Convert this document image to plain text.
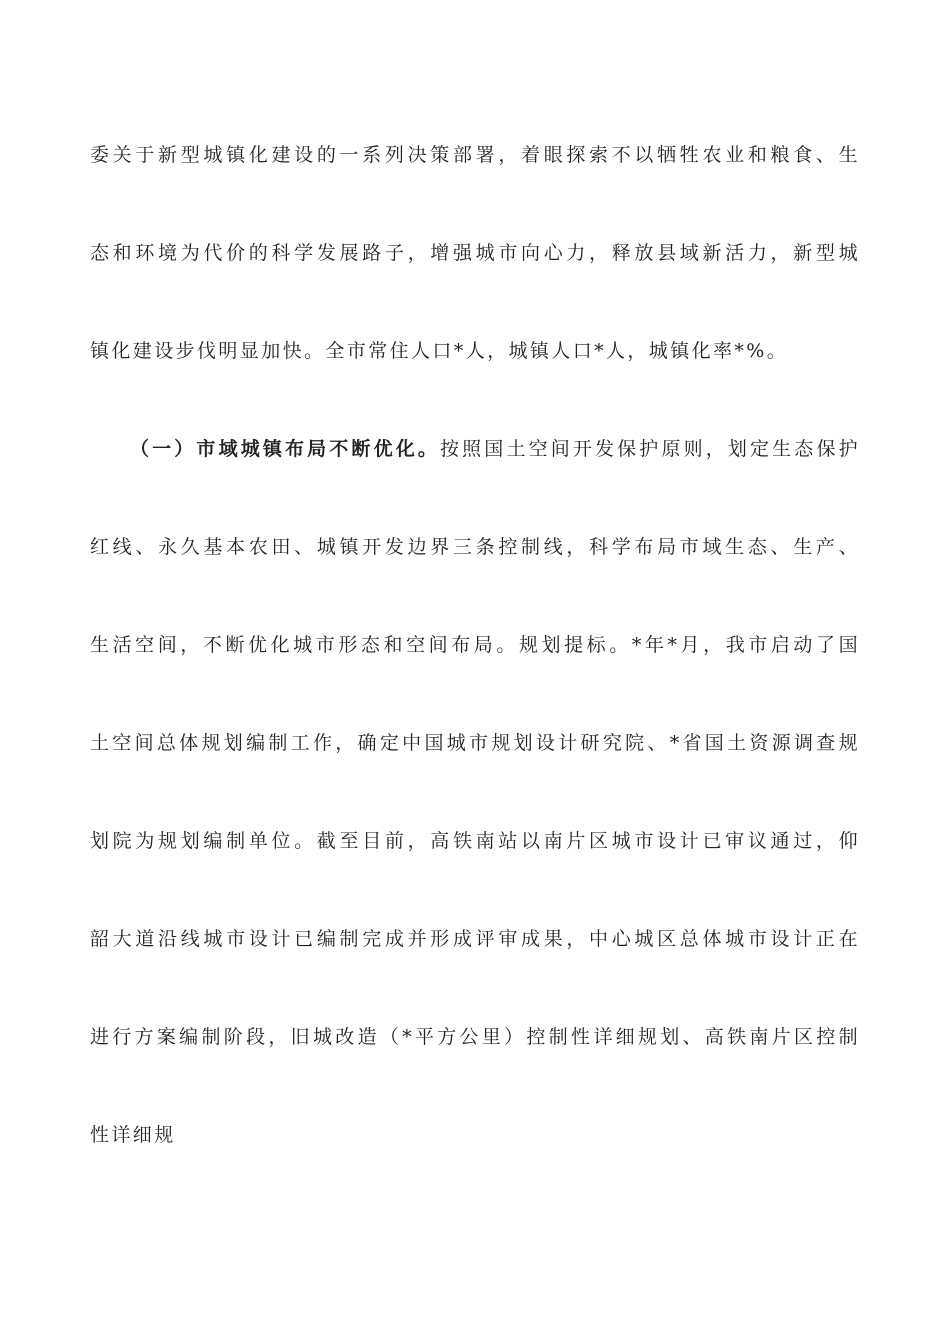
委关于新型城镇化建设的一系列决策部署，着眼探索不以牺牲农业和粮食、生
态和环境为代价的科学发展路子，增强城市向心力，释放县域新活力，新型城
镇化建设步伐明显加快。全市常住人口*人，城镇人口*人，城镇化率*%。
（一）市域城镇布局不断优化。按照国土空间开发保护原则，划定生态保护
红线、永久基本农田、城镇开发边界三条控制线，科学布局市域生态、生产、
生活空间，不断优化城市形态和空间布局。规划提标。*年*月，我市启动了国
土空间总体规划编制工作，确定中国城市规划设计研究院、*省国土资源调查规
划院为规划编制单位。截至目前，高铁南站以南片区城市设计已审议通过，仰
韶大道沿线城市设计已编制完成并形成评审成果，中心城区总体城市设计正在
进行方案编制阶段，旧城改造（*平方公里）控制性详细规划、高铁南片区控制
性详细规
